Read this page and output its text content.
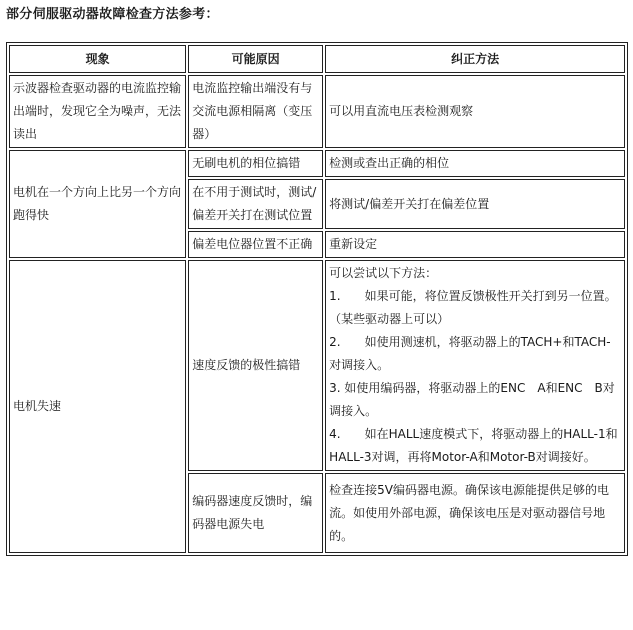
部分伺服驱动器故障检查方法参考：
现象	可能原因	纠正方法
示波器检查驱动器的电流监控输出端时，发现它全为噪声，无法读出	电流监控输出端没有与交流电源相隔离（变压器）	可以用直流电压表检测观察
电机在一个方向上比另一个方向跑得快	无刷电机的相位搞错	检测或查出正确的相位
	在不用于测试时，测试/偏差开关打在测试位置	将测试/偏差开关打在偏差位置
	偏差电位器位置不正确	重新设定
电机失速	速度反馈的极性搞错	可以尝试以下方法：
1.　　如果可能，将位置反馈极性开关打到另一位置。（某些驱动器上可以）
2.　　如使用测速机，将驱动器上的TACH+和TACH-对调接入。
3. 如使用编码器，将驱动器上的ENC　A和ENC　B对调接入。
4.　　如在HALL速度模式下，将驱动器上的HALL-1和HALL-3对调，再将Motor-A和Motor-B对调接好。

	编码器速度反馈时，编码器电源失电	检查连接5V编码器电源。确保该电源能提供足够的电流。如使用外部电源，确保该电压是对驱动器信号地的。
